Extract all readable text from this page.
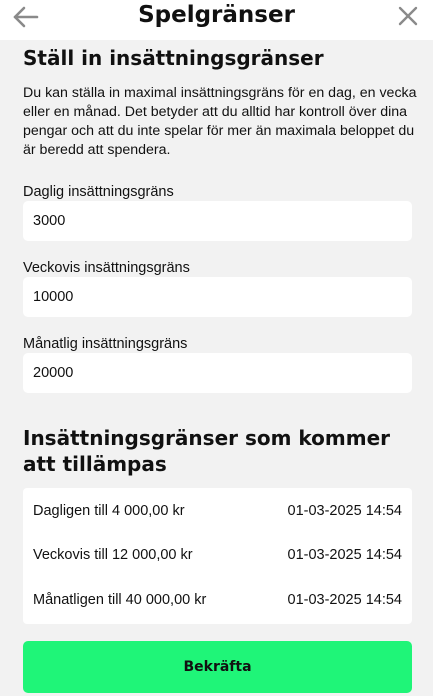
Spelgränser
Ställ in insättningsgränser

Du kan ställa in maximal insättningsgräns för en dag, en vecka eller en månad. Det betyder att du alltid har kontroll över dina pengar och att du inte spelar för mer än maximala beloppet du är beredd att spendera.

Daglig insättningsgräns
3000
Veckovis insättningsgräns
10000
Månatlig insättningsgräns
20000
Insättningsgränser som kommer att tillämpas
Dagligen till 4 000,00 kr	01-03-2025 14:54
Veckovis till 12 000,00 kr	01-03-2025 14:54
Månatligen till 40 000,00 kr	01-03-2025 14:54
Bekräfta
